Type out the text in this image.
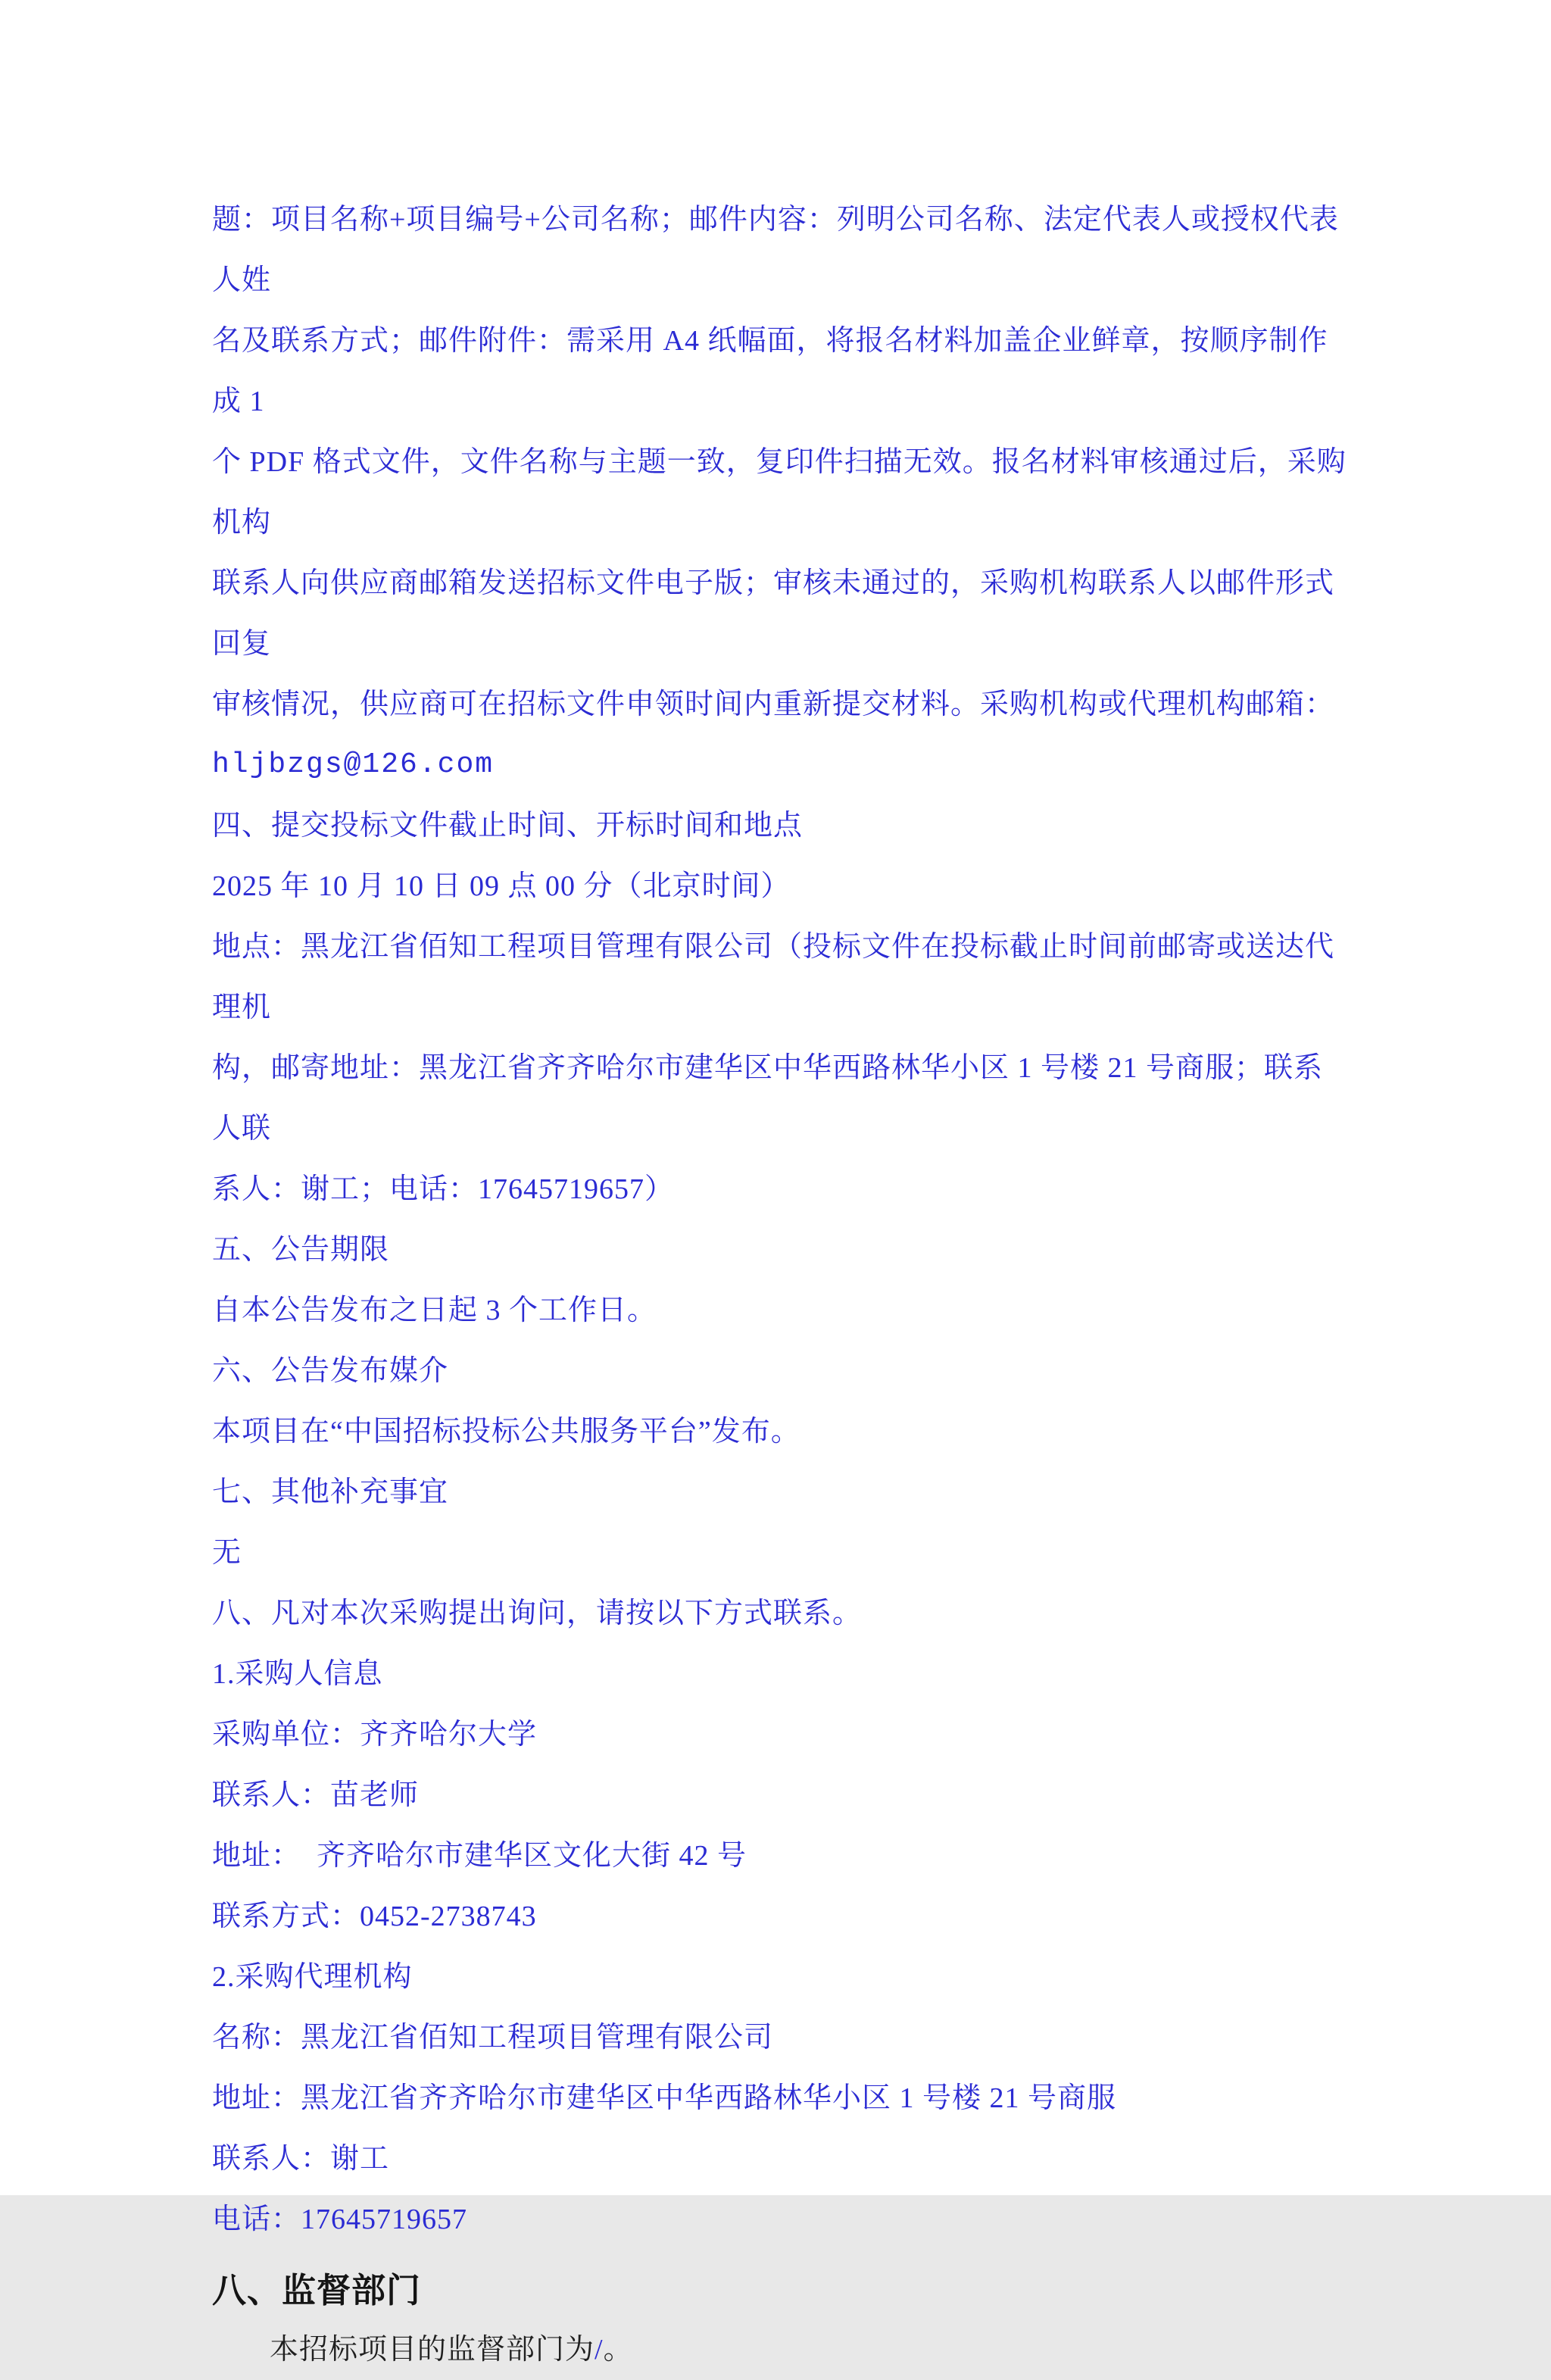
题：项目名称+项目编号+公司名称；邮件内容：列明公司名称、法定代表人或授权代表人姓
名及联系方式；邮件附件：需采用 A4 纸幅面，将报名材料加盖企业鲜章，按顺序制作成 1
个 PDF 格式文件，文件名称与主题一致，复印件扫描无效。报名材料审核通过后，采购机构
联系人向供应商邮箱发送招标文件电子版；审核未通过的，采购机构联系人以邮件形式回复
审核情况，供应商可在招标文件申领时间内重新提交材料。采购机构或代理机构邮箱：
hljbzgs@126.com
四、提交投标文件截止时间、开标时间和地点
2025 年 10 月 10 日 09 点 00 分（北京时间）
地点：黑龙江省佰知工程项目管理有限公司（投标文件在投标截止时间前邮寄或送达代理机
构，邮寄地址：黑龙江省齐齐哈尔市建华区中华西路林华小区 1 号楼 21 号商服；联系人联
系人：谢工；电话：17645719657）
五、公告期限
自本公告发布之日起 3 个工作日。
六、公告发布媒介
本项目在“中国招标投标公共服务平台”发布。
七、其他补充事宜
无
八、凡对本次采购提出询问，请按以下方式联系。
1.采购人信息
采购单位：齐齐哈尔大学
联系人：苗老师
地址：  齐齐哈尔市建华区文化大街 42 号
联系方式：0452-2738743
2.采购代理机构
名称：黑龙江省佰知工程项目管理有限公司
地址：黑龙江省齐齐哈尔市建华区中华西路林华小区 1 号楼 21 号商服
联系人：谢工
电话：17645719657
八、监督部门
本招标项目的监督部门为/。
